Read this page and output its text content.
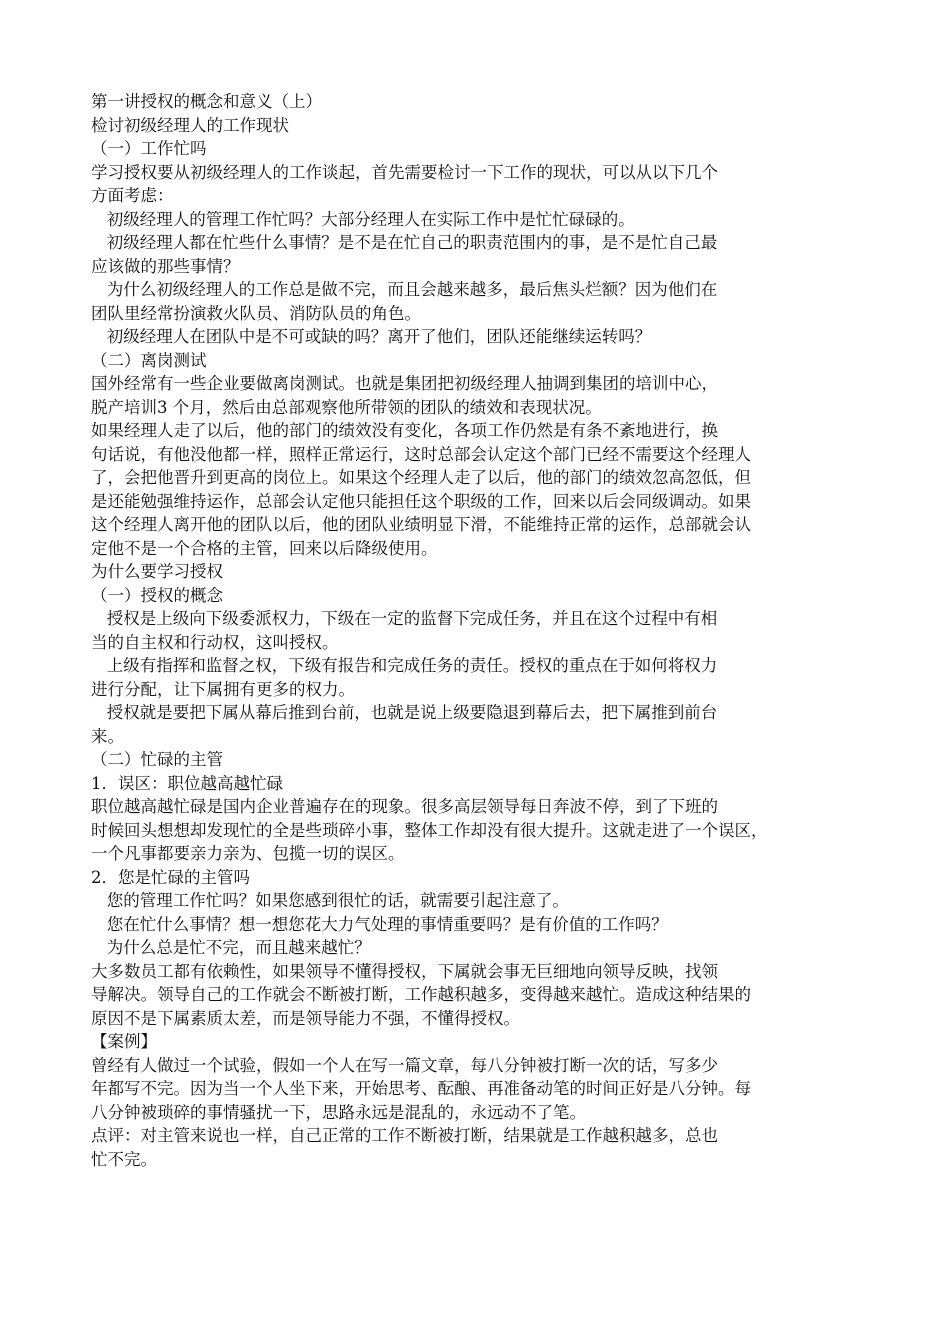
第一讲授权的概念和意义（上）
检讨初级经理人的工作现状
（一）工作忙吗
学习授权要从初级经理人的工作谈起，首先需要检讨一下工作的现状，可以从以下几个
方面考虑：
初级经理人的管理工作忙吗？大部分经理人在实际工作中是忙忙碌碌的。
初级经理人都在忙些什么事情？是不是在忙自己的职责范围内的事，是不是忙自己最
应该做的那些事情？
为什么初级经理人的工作总是做不完，而且会越来越多，最后焦头烂额？因为他们在
团队里经常扮演救火队员、消防队员的角色。
初级经理人在团队中是不可或缺的吗？离开了他们，团队还能继续运转吗？
（二）离岗测试
国外经常有一些企业要做离岗测试。也就是集团把初级经理人抽调到集团的培训中心，
脱产培训3 个月，然后由总部观察他所带领的团队的绩效和表现状况。
如果经理人走了以后，他的部门的绩效没有变化，各项工作仍然是有条不紊地进行，换
句话说，有他没他都一样，照样正常运行，这时总部会认定这个部门已经不需要这个经理人
了，会把他晋升到更高的岗位上。如果这个经理人走了以后，他的部门的绩效忽高忽低，但
是还能勉强维持运作，总部会认定他只能担任这个职级的工作，回来以后会同级调动。如果
这个经理人离开他的团队以后，他的团队业绩明显下滑，不能维持正常的运作，总部就会认
定他不是一个合格的主管，回来以后降级使用。
为什么要学习授权
（一）授权的概念
授权是上级向下级委派权力，下级在一定的监督下完成任务，并且在这个过程中有相
当的自主权和行动权，这叫授权。
上级有指挥和监督之权，下级有报告和完成任务的责任。授权的重点在于如何将权力
进行分配，让下属拥有更多的权力。
授权就是要把下属从幕后推到台前，也就是说上级要隐退到幕后去，把下属推到前台
来。
（二）忙碌的主管
1．误区：职位越高越忙碌
职位越高越忙碌是国内企业普遍存在的现象。很多高层领导每日奔波不停，到了下班的
时候回头想想却发现忙的全是些琐碎小事，整体工作却没有很大提升。这就走进了一个误区，
一个凡事都要亲力亲为、包揽一切的误区。
2．您是忙碌的主管吗
您的管理工作忙吗？如果您感到很忙的话，就需要引起注意了。
您在忙什么事情？想一想您花大力气处理的事情重要吗？是有价值的工作吗？
为什么总是忙不完，而且越来越忙？
大多数员工都有依赖性，如果领导不懂得授权，下属就会事无巨细地向领导反映，找领
导解决。领导自己的工作就会不断被打断，工作越积越多，变得越来越忙。造成这种结果的
原因不是下属素质太差，而是领导能力不强，不懂得授权。
【案例】
曾经有人做过一个试验，假如一个人在写一篇文章，每八分钟被打断一次的话，写多少
年都写不完。因为当一个人坐下来，开始思考、酝酿、再准备动笔的时间正好是八分钟。每
八分钟被琐碎的事情骚扰一下，思路永远是混乱的，永远动不了笔。
点评：对主管来说也一样，自己正常的工作不断被打断，结果就是工作越积越多，总也
忙不完。
